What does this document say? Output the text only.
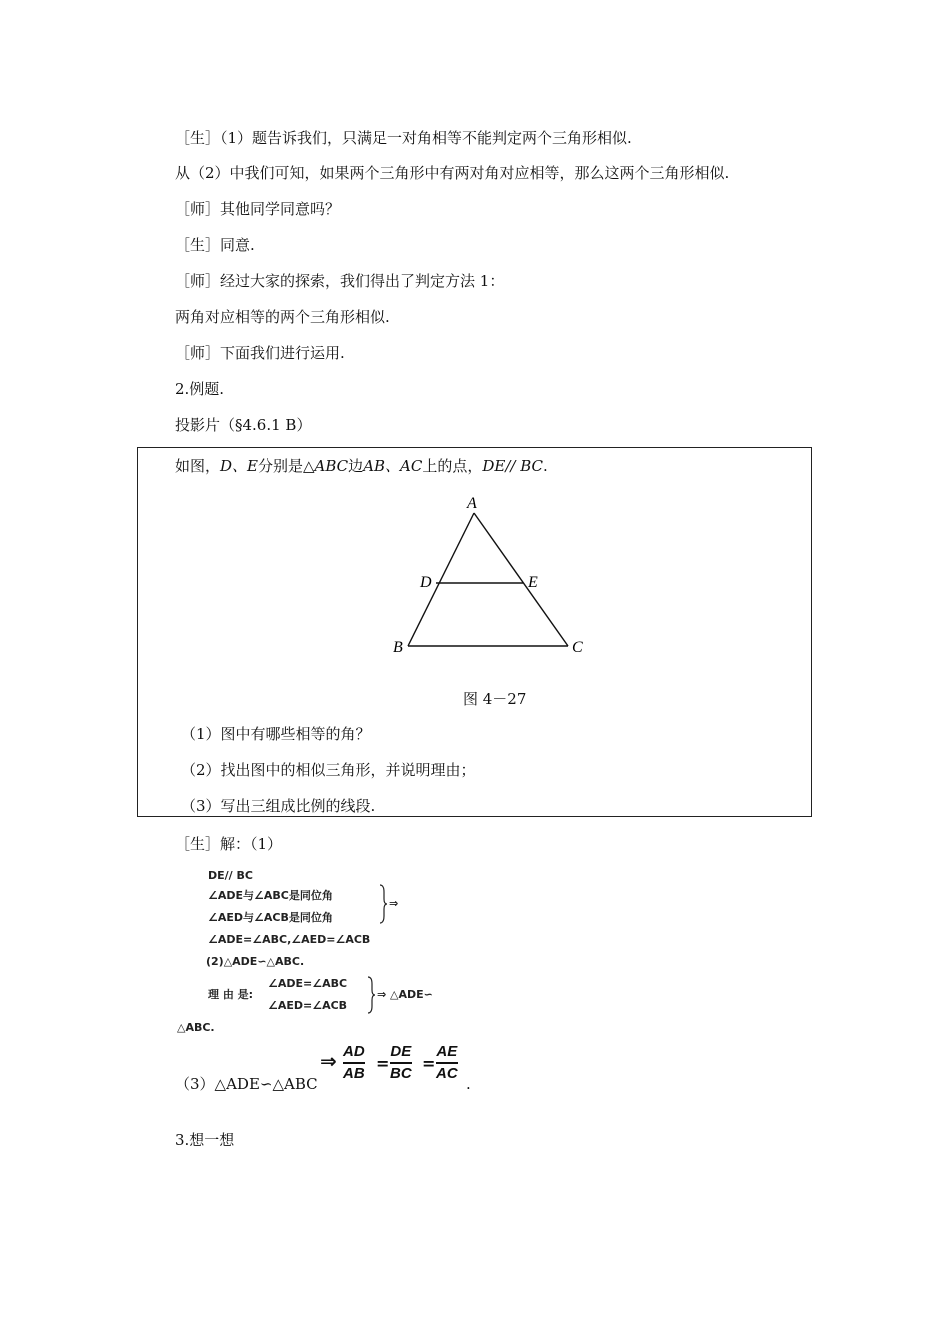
［生］（1）题告诉我们，只满足一对角相等不能判定两个三角形相似.
从（2）中我们可知，如果两个三角形中有两对角对应相等，那么这两个三角形相似.
［师］其他同学同意吗？
［生］同意.
［师］经过大家的探索，我们得出了判定方法 1：
两角对应相等的两个三角形相似.
［师］下面我们进行运用.
2.例题.
投影片（§4.6.1 B）
如图，D、E分别是△ABC边AB、AC上的点，DE// BC.
A
D	E
B	C
图 4－27
（1）图中有哪些相等的角？
（2）找出图中的相似三角形，并说明理由；
（3）写出三组成比例的线段.
［生］解：（1）
DE// BC
∠ADE与∠ABC是同位角
∠AED与∠ACB是同位角
⇒
∠ADE=∠ABC,∠AED=∠ACB
(2)△ADE∽△ABC.
理 由 是:
∠ADE=∠ABC
∠AED=∠ACB
⇒ △ADE∽
△ABC.
（3）△ADE∽△ABC
⇒ AD
AB
=
DE
BC
=
AE
AC
.
3.想一想
